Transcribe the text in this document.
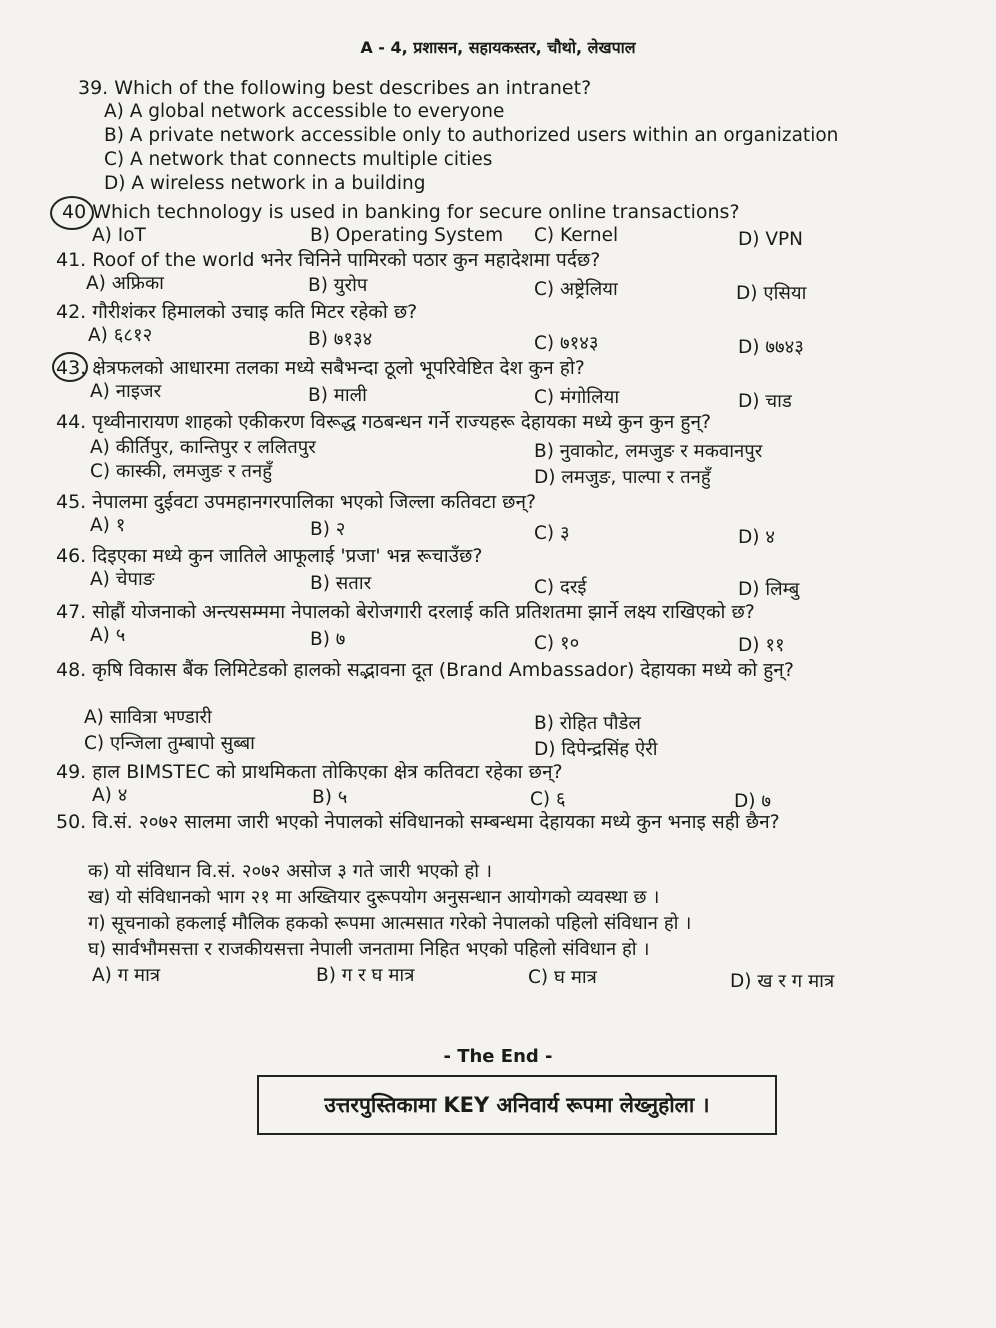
A - 4, प्रशासन, सहायकस्तर, चौथो, लेखपाल
39. Which of the following best describes an intranet?
A) A global network accessible to everyone
B) A private network accessible only to authorized users within an organization
C) A network that connects multiple cities
D) A wireless network in a building
40 Which technology is used in banking for secure online transactions?
A) IoT	B) Operating System C) Kernel	D) VPN
41. Roof of the world भनेर चिनिने पामिरको पठार कुन महादेशमा पर्दछ?
A) अफ्रिका	B) युरोप	C) अष्ट्रेलिया	D) एसिया
42. गौरीशंकर हिमालको उचाइ कति मिटर रहेको छ?
A) ६८१२	B) ७१३४	C) ७१४३	D) ७७४३
43. क्षेत्रफलको आधारमा तलका मध्ये सबैभन्दा ठूलो भूपरिवेष्टित देश कुन हो?
A) नाइजर	B) माली	C) मंगोलिया	D) चाड
44. पृथ्वीनारायण शाहको एकीकरण विरूद्ध गठबन्धन गर्ने राज्यहरू देहायका मध्ये कुन कुन हुन्?
A) कीर्तिपुर, कान्तिपुर र ललितपुर	B) नुवाकोट, लमजुङ र मकवानपुर
C) कास्की, लमजुङ र तनहुँ	D) लमजुङ, पाल्पा र तनहुँ
45. नेपालमा दुईवटा उपमहानगरपालिका भएको जिल्ला कतिवटा छन्?
A) १	B) २	C) ३	D) ४
46. दिइएका मध्ये कुन जातिले आफूलाई 'प्रजा' भन्न रूचाउँछ?
A) चेपाङ	B) सतार	C) दरई	D) लिम्बु
47. सोह्रौं योजनाको अन्त्यसम्ममा नेपालको बेरोजगारी दरलाई कति प्रतिशतमा झार्ने लक्ष्य राखिएको छ?
A) ५	B) ७	C) १०	D) ११
48. कृषि विकास बैंक लिमिटेडको हालको सद्भावना दूत (Brand Ambassador) देहायका मध्ये को हुन्?
A) सावित्रा भण्डारी	B) रोहित पौडेल
C) एन्जिला तुम्बापो सुब्बा	D) दिपेन्द्रसिंह ऐरी
49. हाल BIMSTEC को प्राथमिकता तोकिएका क्षेत्र कतिवटा रहेका छन्?
A) ४	B) ५	C) ६	D) ७
50. वि.सं. २०७२ सालमा जारी भएको नेपालको संविधानको सम्बन्धमा देहायका मध्ये कुन भनाइ सही छैन?
क) यो संविधान वि.सं. २०७२ असोज ३ गते जारी भएको हो ।
ख) यो संविधानको भाग २१ मा अख्तियार दुरूपयोग अनुसन्धान आयोगको व्यवस्था छ ।
ग) सूचनाको हकलाई मौलिक हकको रूपमा आत्मसात गरेको नेपालको पहिलो संविधान हो ।
घ) सार्वभौमसत्ता र राजकीयसत्ता नेपाली जनतामा निहित भएको पहिलो संविधान हो ।
A) ग मात्र	B) ग र घ मात्र	C) घ मात्र	D) ख र ग मात्र
- The End -
उत्तरपुस्तिकामा KEY अनिवार्य रूपमा लेख्नुहोला ।
